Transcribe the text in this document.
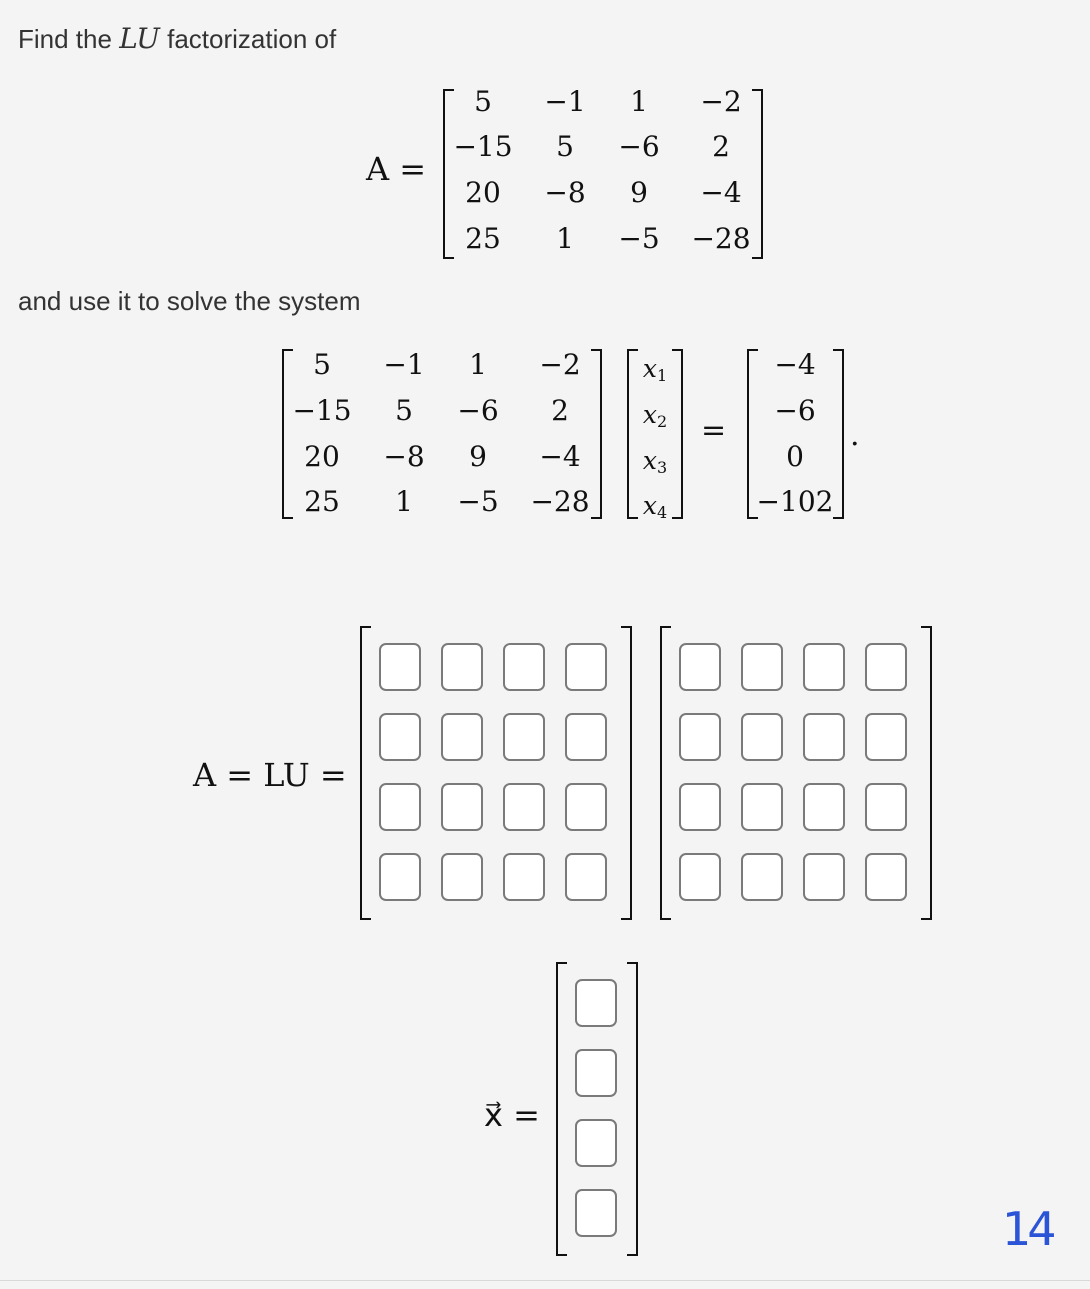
Find the LU factorization of
A =
5 −1 1 −2
−15 5 −6 2
20 −8 9 −4
25 1 −5 −28
and use it to solve the system
5 −1 1 −2
−15 5 −6 2
20 −8 9 −4
25 1 −5 −28
$x_1$
$x_2$
$x_3$
$x_4$
=
−4
−6
0
−102
.
A = LU =
x⃗ =
14
